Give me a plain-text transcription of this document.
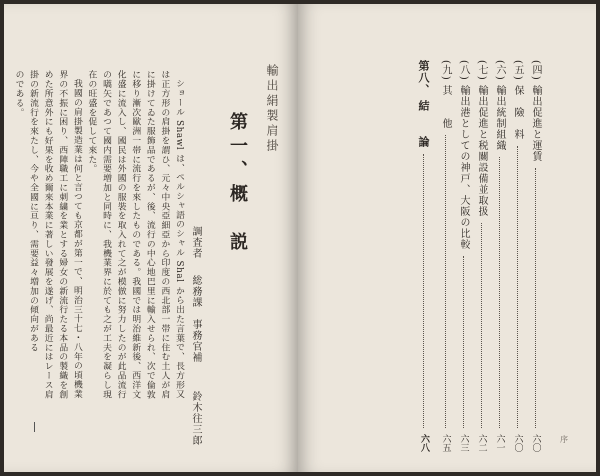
輸出絹製肩掛
第一、概　説
調査者 総務課　事務官補 鈴木往三郎

ショール Shawl は、ペルシャ語のシャル Shal から出た言葉で、長方形又は正方形の肩掛を謂ひ、元々中央亞細亞から印度の西北部一帯に住む土人が肩に掛けてゐた服飾品であるが、後、流行の中心地巴里に輸入せられ、次で倫敦に移り漸次歐洲一帯に流行を來したものである。我國では明治維新後、西洋文化盛に流入し、國民は外國の服裝を取入れて之が模倣に努力したのが此品流行の嚆矢であつて國内需要増加と同時に、我機業界に於ても之が工夫を凝らし現在の旺盛を促して來た。

我國の肩掛製造業は何と言つても京都が第一で、明治三十七・八年の頃機業界の不振に困り、西陣職工に刺繍を業とする婦女の新流行たる本品の製織を創めた所意外にも好果を收め爾來本業に著しい發展を遂げ、尚最近にはレース肩掛の新流行を來たし、今や全國に亘り、需要益々増加の傾向がある

のである。	(四)
輸出促進と運賃
六〇
(五)
保　險　料
六〇
(六)
輸出統制組織
六一
(七)
輸出促進と税關設備並取扱
六二
(八)
輸出港としての神戸、大阪の比較
六三
(九)
其　　他
六五
第八、
結　　論
六八	序
